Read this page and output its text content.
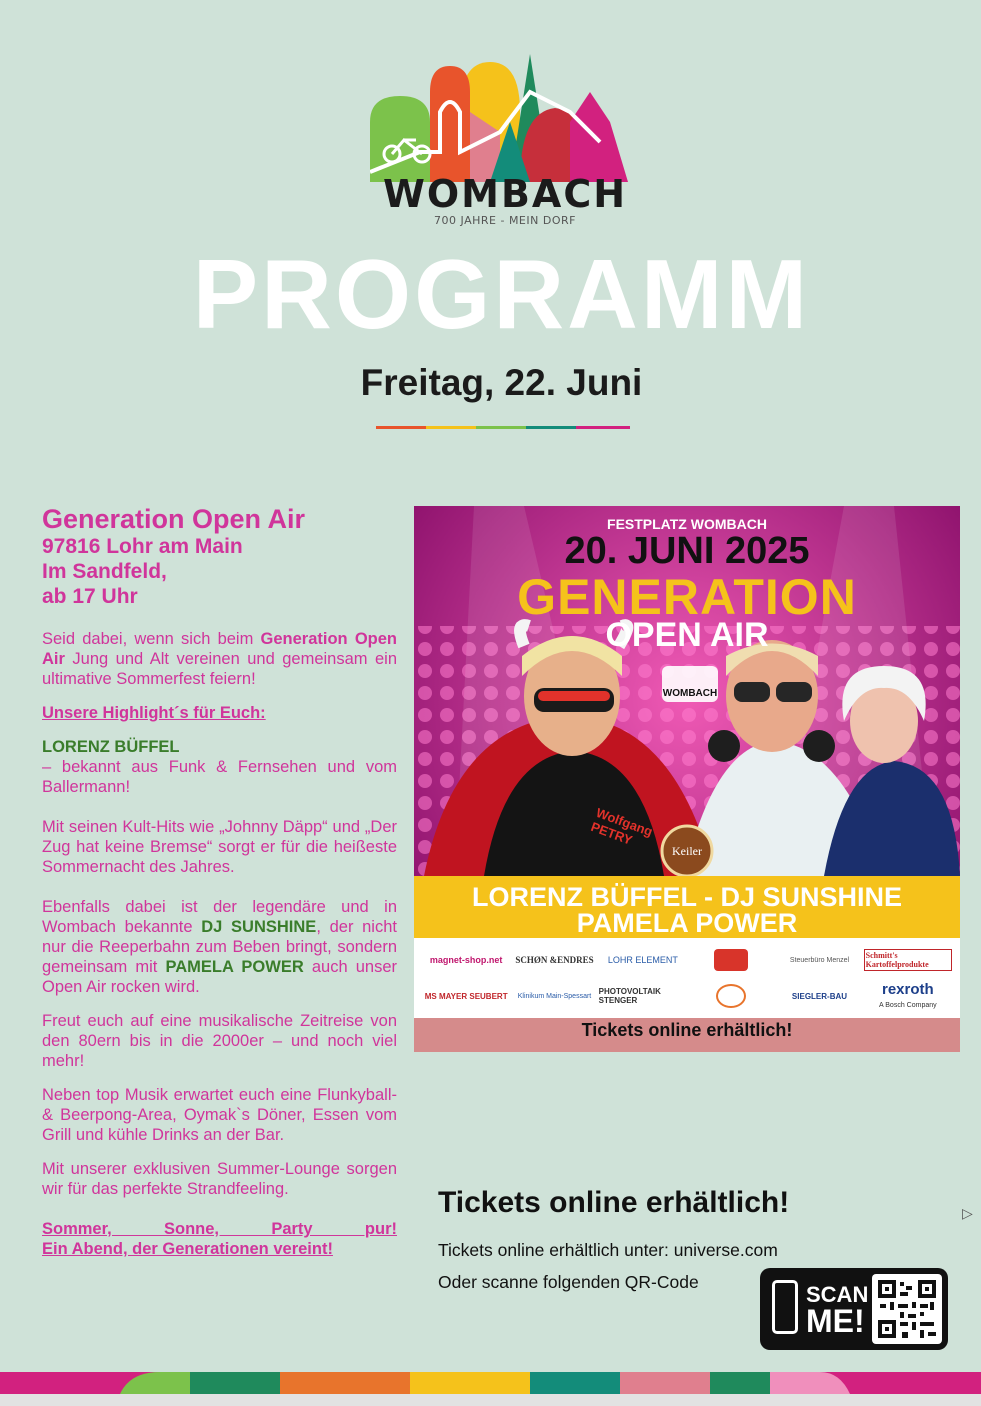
WOMBACH
700 JAHRE - MEIN DORF
PROGRAMM
Freitag, 22. Juni

Generation Open Air

97816 Lohr am Main

Im Sandfeld,

ab 17 Uhr

Seid dabei, wenn sich beim Generation Open Air Jung und Alt vereinen und gemeinsam ein ultimative Sommerfest feiern!

Unsere Highlight´s für Euch:

LORENZ BÜFFEL
– bekannt aus Funk & Fernsehen und vom Ballermann!

Mit seinen Kult-Hits wie „Johnny Däpp“ und „Der Zug hat keine Bremse“ sorgt er für die heißeste Sommernacht des Jahres.

Ebenfalls dabei ist der legendäre und in Wombach bekannte DJ SUNSHINE, der nicht nur die Reeperbahn zum Beben bringt, sondern gemeinsam mit PAMELA POWER auch unser Open Air rocken wird.

Freut euch auf eine musikalische Zeitreise von den 80ern bis in die 2000er – und noch viel mehr!

Neben top Musik erwartet euch eine Flunkyball- & Beerpong-Area, Oymak`s Döner, Essen vom Grill und kühle Drinks an der Bar.

Mit unserer exklusiven Summer-Lounge sorgen wir für das perfekte Strandfeeling.

Sommer, Sonne, Party pur!

Ein Abend, der Generationen vereint!

FESTPLATZ WOMBACH
20. JUNI 2025
GENERATION
OPEN AIR
WOMBACH
Wolfgang PETRY
Keiler
LORENZ BÜFFEL - DJ SUNSHINE
PAMELA POWER
magnet-shop.net SCHØN &ENDRES LOHR ELEMENT	Steuerbüro Menzel Schmitt's Kartoffelprodukte
MS MAYER SEUBERT Klinikum Main-Spessart PHOTOVOLTAIK STENGER	SIEGLER-BAU rexroth
A Bosch Company
Tickets online erhältlich!
Tickets online erhältlich!
Tickets online erhältlich unter: universe.com
Oder scanne folgenden QR-Code	SCAN
ME!
▷
